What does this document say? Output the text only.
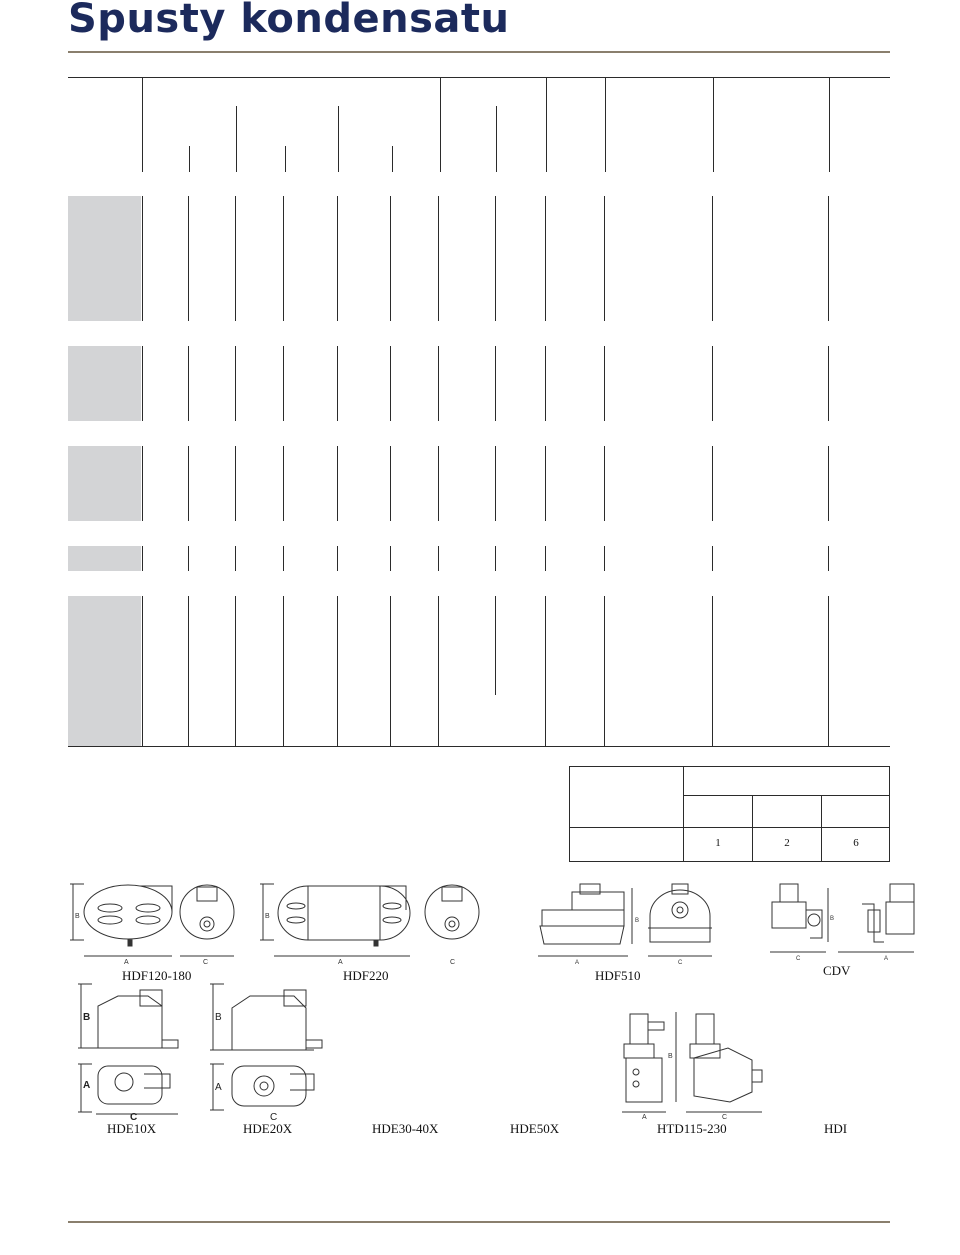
Spusty kondensatu
1	2	6
B
A	C
HDF120-180
B
A	C
HDF220
B
A	C
HDF510
B
C	A
CDV
B
A
C
HDE10X
B
A
C
HDE20X	HDE30-40X	HDE50X
B
A	C
HTD115-230	HDI
